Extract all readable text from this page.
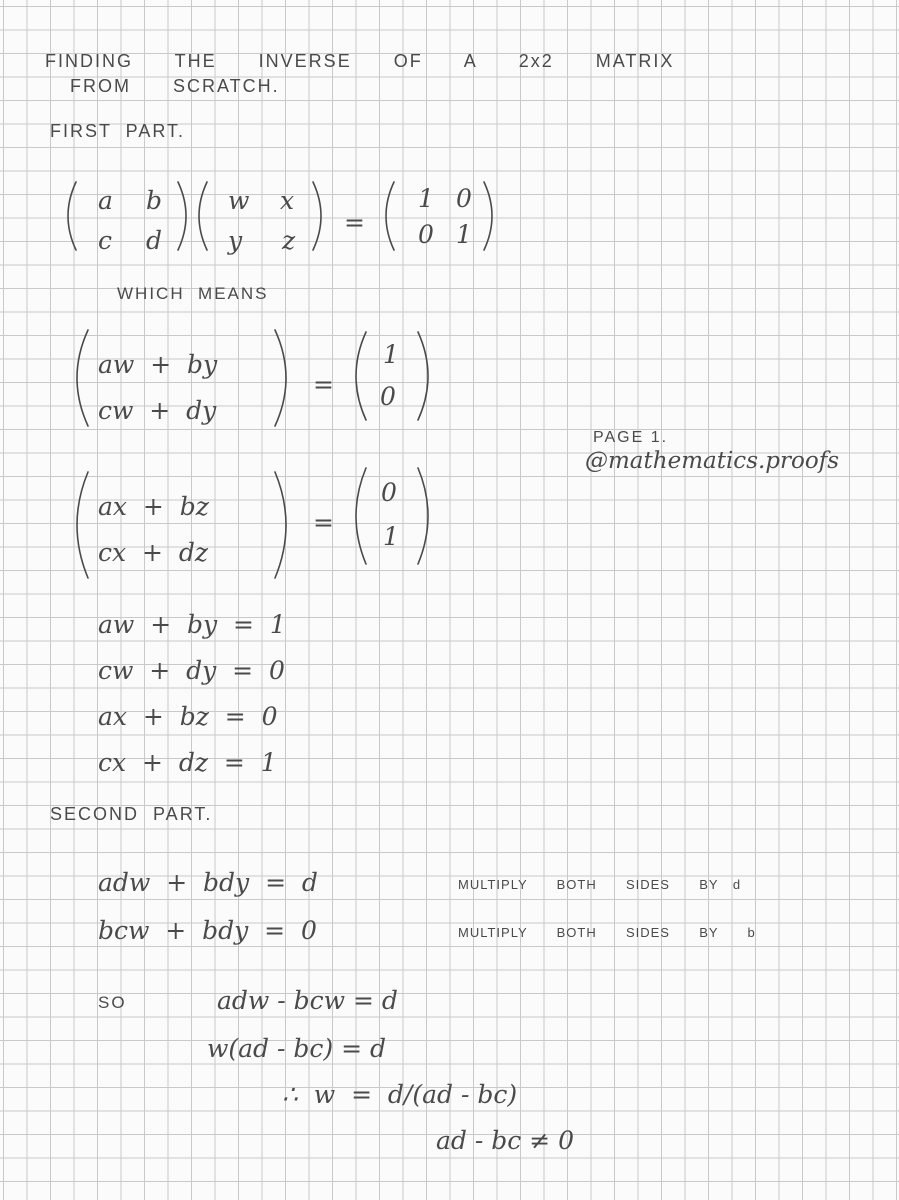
FINDING  THE  INVERSE  OF  A  2x2  MATRIX
FROM  SCRATCH.
FIRST  PART.
a b
c d
w x
y z
=
1 0
0 1
WHICH  MEANS
aw  +  by
cw  +  dy
=
1
0
PAGE 1.
@mathematics.proofs
ax  +  bz
cx  +  dz
=
0
1
aw  +  by  =  1
cw  +  dy  =  0
ax  +  bz  =  0
cx  +  dz  =  1
SECOND  PART.
adw  +  bdy  =  d	MULTIPLY  BOTH  SIDES  BY d
bcw  +  bdy  =  0	MULTIPLY  BOTH  SIDES  BY  b
SO	adw - bcw = d
w(ad - bc) = d
∴  w  =  d/(ad - bc)
ad - bc ≠ 0
